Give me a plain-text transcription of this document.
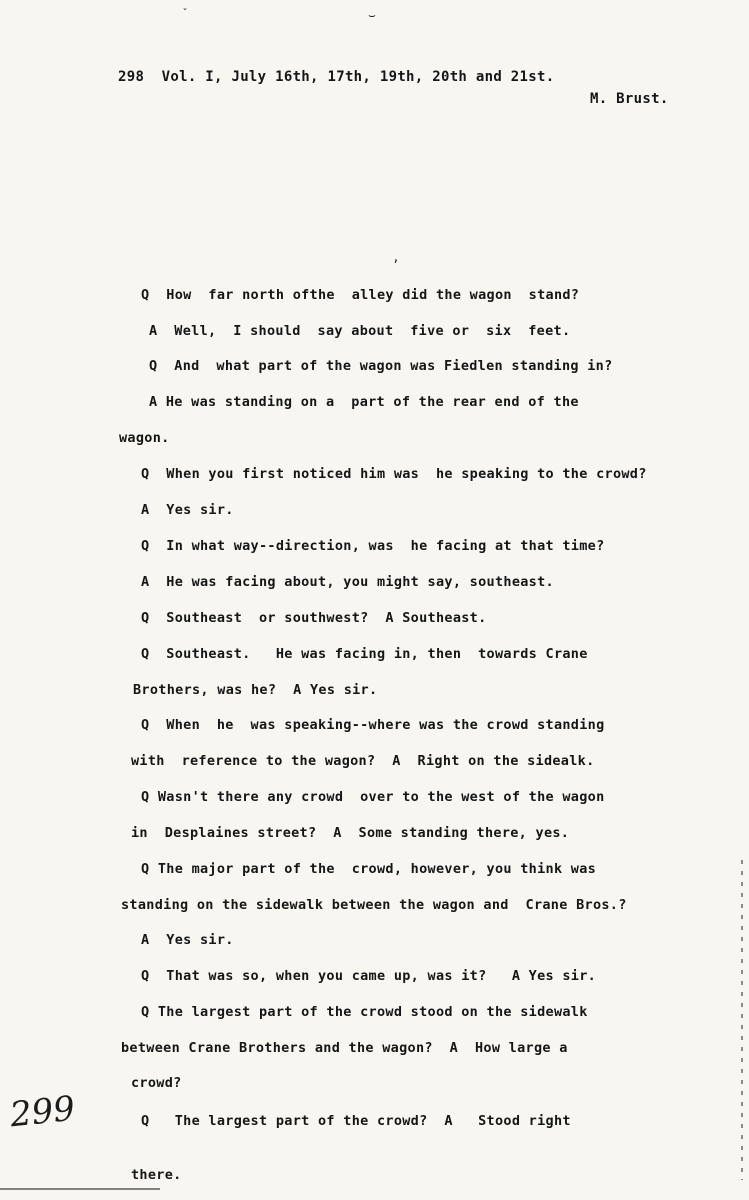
ˇ	⌣
ʼ
298  Vol. I, July 16th, 17th, 19th, 20th and 21st.
M. Brust.
Q  How  far north ofthe  alley did the wagon  stand?
A  Well,  I should  say about  five or  six  feet.
Q  And  what part of the wagon was Fiedlen standing in?
A He was standing on a  part of the rear end of the
wagon.
Q  When you first noticed him was  he speaking to the crowd?
A  Yes sir.
Q  In what way--direction, was  he facing at that time?
A  He was facing about, you might say, southeast.
Q  Southeast  or southwest?  A Southeast.
Q  Southeast.   He was facing in, then  towards Crane
Brothers, was he?  A Yes sir.
Q  When  he  was speaking--where was the crowd standing
with  reference to the wagon?  A  Right on the sidealk.
Q Wasn't there any crowd  over to the west of the wagon
in  Desplaines street?  A  Some standing there, yes.
Q The major part of the  crowd, however, you think was
standing on the sidewalk between the wagon and  Crane Bros.?
A  Yes sir.
Q  That was so, when you came up, was it?   A Yes sir.
Q The largest part of the crowd stood on the sidewalk
between Crane Brothers and the wagon?  A  How large a
crowd?
Q   The largest part of the crowd?  A   Stood right
there.
299
